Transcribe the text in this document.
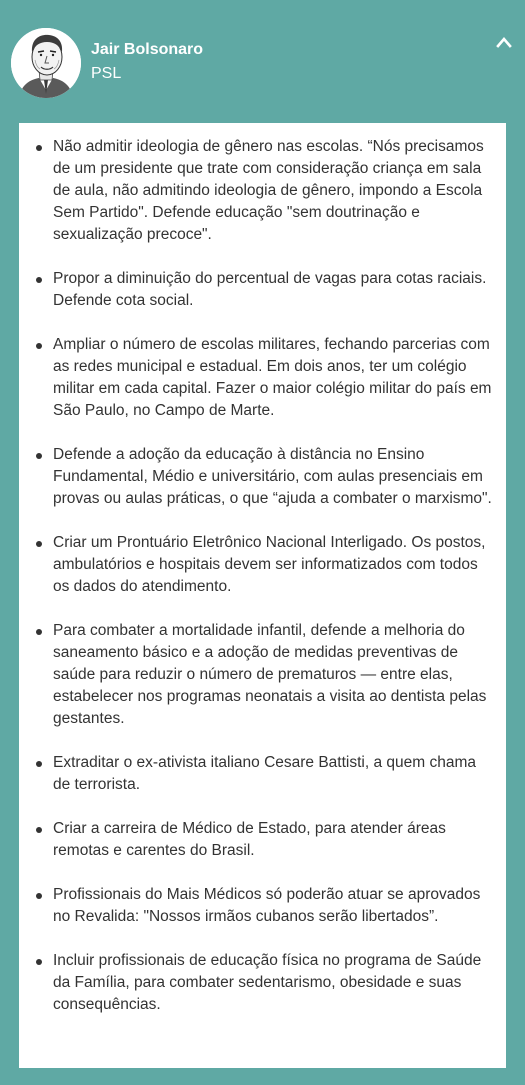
Jair Bolsonaro
PSL
Não admitir ideologia de gênero nas escolas. “Nós precisamos de um presidente que trate com consideração criança em sala de aula, não admitindo ideologia de gênero, impondo a Escola Sem Partido". Defende educação "sem doutrinação e sexualização precoce".
Propor a diminuição do percentual de vagas para cotas raciais. Defende cota social.
Ampliar o número de escolas militares, fechando parcerias com as redes municipal e estadual. Em dois anos, ter um colégio militar em cada capital. Fazer o maior colégio militar do país em São Paulo, no Campo de Marte.
Defende a adoção da educação à distância no Ensino Fundamental, Médio e universitário, com aulas presenciais em provas ou aulas práticas, o que “ajuda a combater o marxismo".
Criar um Prontuário Eletrônico Nacional Interligado. Os postos, ambulatórios e hospitais devem ser informatizados com todos os dados do atendimento.
Para combater a mortalidade infantil, defende a melhoria do saneamento básico e a adoção de medidas preventivas de saúde para reduzir o número de prematuros — entre elas, estabelecer nos programas neonatais a visita ao dentista pelas gestantes.
Extraditar o ex-ativista italiano Cesare Battisti, a quem chama de terrorista.
Criar a carreira de Médico de Estado, para atender áreas remotas e carentes do Brasil.
Profissionais do Mais Médicos só poderão atuar se aprovados no Revalida: "Nossos irmãos cubanos serão libertados”.
Incluir profissionais de educação física no programa de Saúde da Família, para combater sedentarismo, obesidade e suas consequências.
